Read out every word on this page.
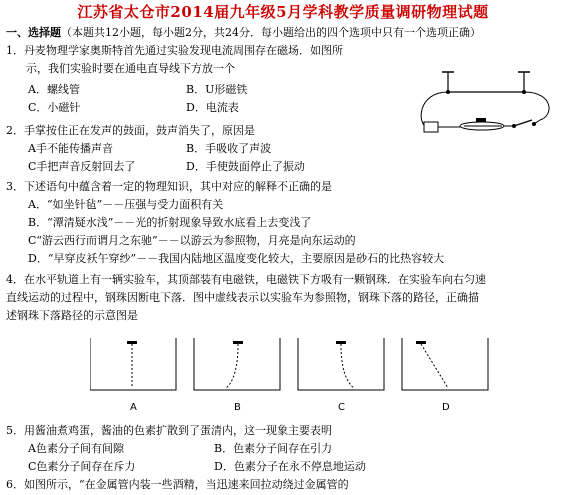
江苏省太仓市2014届九年级5月学科教学质量调研物理试题
一、选择题（本题共12小题，每小题2分，共24分．每小题给出的四个选项中只有一个选项正确）
1．丹麦物理学家奥斯特首先通过实验发现电流周围存在磁场．如图所
示，我们实验时要在通电直导线下方放一个
A．螺线管	B．U形磁铁
C．小磁针	D．电流表
2．手掌按住正在发声的鼓面，鼓声消失了，原因是
A手不能传播声音	B．手吸收了声波
C手把声音反射回去了	D．手使鼓面停止了振动
3．下述语句中蕴含着一定的物理知识，其中对应的解释不正确的是
A．“如坐针毡”－－压强与受力面积有关
B．“潭清疑水浅”－－光的折射现象导致水底看上去变浅了
C“游云西行而谓月之东驰”－－以游云为参照物，月亮是向东运动的
D．“早穿皮袄午穿纱”－－我国内陆地区温度变化较大，主要原因是砂石的比热容较大
4．在水平轨道上有一辆实验车，其顶部装有电磁铁，电磁铁下方吸有一颗钢珠．在实验车向右匀速
直线运动的过程中，钢珠因断电下落．图中虚线表示以实验车为参照物，钢珠下落的路径，正确描
述钢珠下落路径的示意图是
A	B	C	D
5．用酱油煮鸡蛋，酱油的色素扩散到了蛋清内，这一现象主要表明
A色素分子间有间隙	B．色素分子间存在引力
C色素分子间存在斥力	D．色素分子在永不停息地运动
6．如图所示，“在金属管内装一些酒精，当迅速来回拉动绕过金属管的
